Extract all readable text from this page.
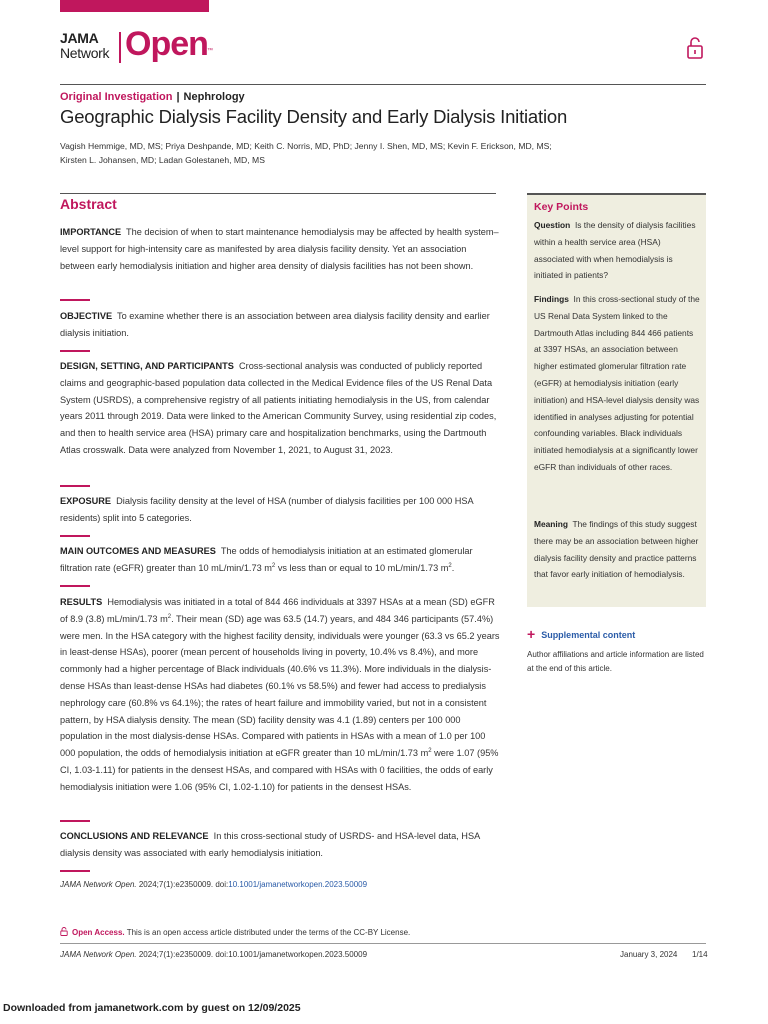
JAMA
Network Open ™
Original Investigation | Nephrology
Geographic Dialysis Facility Density and Early Dialysis Initiation
Vagish Hemmige, MD, MS; Priya Deshpande, MD; Keith C. Norris, MD, PhD; Jenny I. Shen, MD, MS; Kevin F. Erickson, MD, MS;
Kirsten L. Johansen, MD; Ladan Golestaneh, MD, MS
Abstract
IMPORTANCE The decision of when to start maintenance hemodialysis may be affected by health system–level support for high-intensity care as manifested by area dialysis facility density. Yet an association between early hemodialysis initiation and higher area density of dialysis facilities has not been shown.
OBJECTIVE To examine whether there is an association between area dialysis facility density and earlier dialysis initiation.
DESIGN, SETTING, AND PARTICIPANTS Cross-sectional analysis was conducted of publicly reported claims and geographic-based population data collected in the Medical Evidence files of the US Renal Data System (USRDS), a comprehensive registry of all patients initiating hemodialysis in the US, from calendar years 2011 through 2019. Data were linked to the American Community Survey, using residential zip codes, and then to health service area (HSA) primary care and hospitalization benchmarks, using the Dartmouth Atlas crosswalk. Data were analyzed from November 1, 2021, to August 31, 2023.
EXPOSURE Dialysis facility density at the level of HSA (number of dialysis facilities per 100 000 HSA residents) split into 5 categories.
MAIN OUTCOMES AND MEASURES The odds of hemodialysis initiation at an estimated glomerular filtration rate (eGFR) greater than 10 mL/min/1.73 $m^2$ vs less than or equal to 10 mL/min/1.73 $m^2$.
RESULTS Hemodialysis was initiated in a total of 844 466 individuals at 3397 HSAs at a mean (SD) eGFR of 8.9 (3.8) mL/min/1.73 $m^2$. Their mean (SD) age was 63.5 (14.7) years, and 484 346 participants (57.4%) were men. In the HSA category with the highest facility density, individuals were younger (63.3 vs 65.2 years in least-dense HSAs), poorer (mean percent of households living in poverty, 10.4% vs 8.4%), and more commonly had a higher percentage of Black individuals (40.6% vs 11.3%). More individuals in the dialysis-dense HSAs than least-dense HSAs had diabetes (60.1% vs 58.5%) and fewer had access to predialysis nephrology care (60.8% vs 64.1%); the rates of heart failure and immobility varied, but not in a consistent pattern, by HSA dialysis density. The mean (SD) facility density was 4.1 (1.89) centers per 100 000 population in the most dialysis-dense HSAs. Compared with patients in HSAs with a mean of 1.0 per 100 000 population, the odds of hemodialysis initiation at eGFR greater than 10 mL/min/1.73 $m^2$ were 1.07 (95% CI, 1.03-1.11) for patients in the densest HSAs, and compared with HSAs with 0 facilities, the odds of early hemodialysis initiation were 1.06 (95% CI, 1.02-1.10) for patients in the densest HSAs.
CONCLUSIONS AND RELEVANCE In this cross-sectional study of USRDS- and HSA-level data, HSA dialysis density was associated with early hemodialysis initiation.
JAMA Network Open. 2024;7(1):e2350009. doi:10.1001/jamanetworkopen.2023.50009
Open Access. This is an open access article distributed under the terms of the CC-BY License.
JAMA Network Open. 2024;7(1):e2350009. doi:10.1001/jamanetworkopen.2023.50009	January 3, 2024 1/14
Downloaded from jamanetwork.com by guest on 12/09/2025
Key Points
Question Is the density of dialysis facilities within a health service area (HSA) associated with when hemodialysis is initiated in patients?
Findings In this cross-sectional study of the US Renal Data System linked to the Dartmouth Atlas including 844 466 patients at 3397 HSAs, an association between higher estimated glomerular filtration rate (eGFR) at hemodialysis initiation (early initiation) and HSA-level dialysis density was identified in analyses adjusting for potential confounding variables. Black individuals initiated hemodialysis at a significantly lower eGFR than individuals of other races.
Meaning The findings of this study suggest there may be an association between higher dialysis facility density and practice patterns that favor early initiation of hemodialysis.
+ Supplemental content
Author affiliations and article information are listed at the end of this article.
